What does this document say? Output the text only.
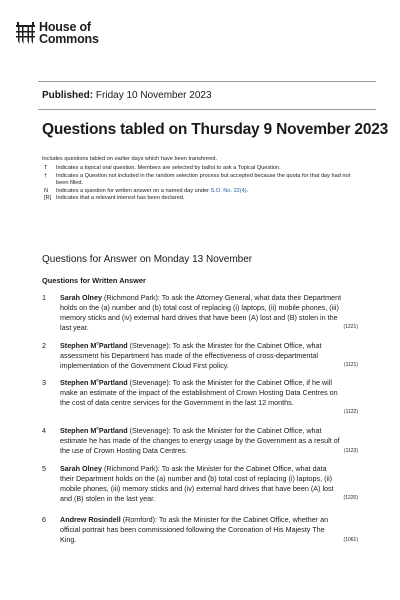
House of
Commons
Published: Friday 10 November 2023
Questions tabled on Thursday 9 November 2023
Includes questions tabled on earlier days which have been transferred.
T	Indicates a topical oral question. Members are selected by ballot to ask a Topical Question.
†	Indicates a Question not included in the random selection process but accepted because the quota for that day had not been filled.
N	Indicates a question for written answer on a named day under S.O. No. 22(4).
[R] Indicates that a relevant interest has been declared.
Questions for Answer on Monday 13 November
Questions for Written Answer
1 Sarah Olney (Richmond Park): To ask the Attorney General, what data their Department holds on the (a) number and (b) total cost of replacing (i) laptops, (ii) mobile phones, (iii) memory sticks and (iv) external hard drives that have been (A) lost and (B) stolen in the last year.	(1221)
2 Stephen $M^cPartland$ (Stevenage): To ask the Minister for the Cabinet Office, what assessment his Department has made of the effectiveness of cross-departmental implementation of the Government Cloud First policy.	(1121)
3 Stephen $M^cPartland$ (Stevenage): To ask the Minister for the Cabinet Office, if he will make an estimate of the impact of the establishment of Crown Hosting Data Centres on the cost of data centre services for the Government in the last 12 months.
(1122)
4 Stephen $M^cPartland$ (Stevenage): To ask the Minister for the Cabinet Office, what estimate he has made of the changes to energy usage by the Government as a result of the use of Crown Hosting Data Centres.	(1123)
5 Sarah Olney (Richmond Park): To ask the Minister for the Cabinet Office, what data their Department holds on the (a) number and (b) total cost of replacing (i) laptops, (ii) mobile phones, (iii) memory sticks and (iv) external hard drives that have been (A) lost and (B) stolen in the last year.	(1220)
6 Andrew Rosindell (Romford): To ask the Minister for the Cabinet Office, whether an official portrait has been commissioned following the Coronation of His Majesty The King.	(1061)
